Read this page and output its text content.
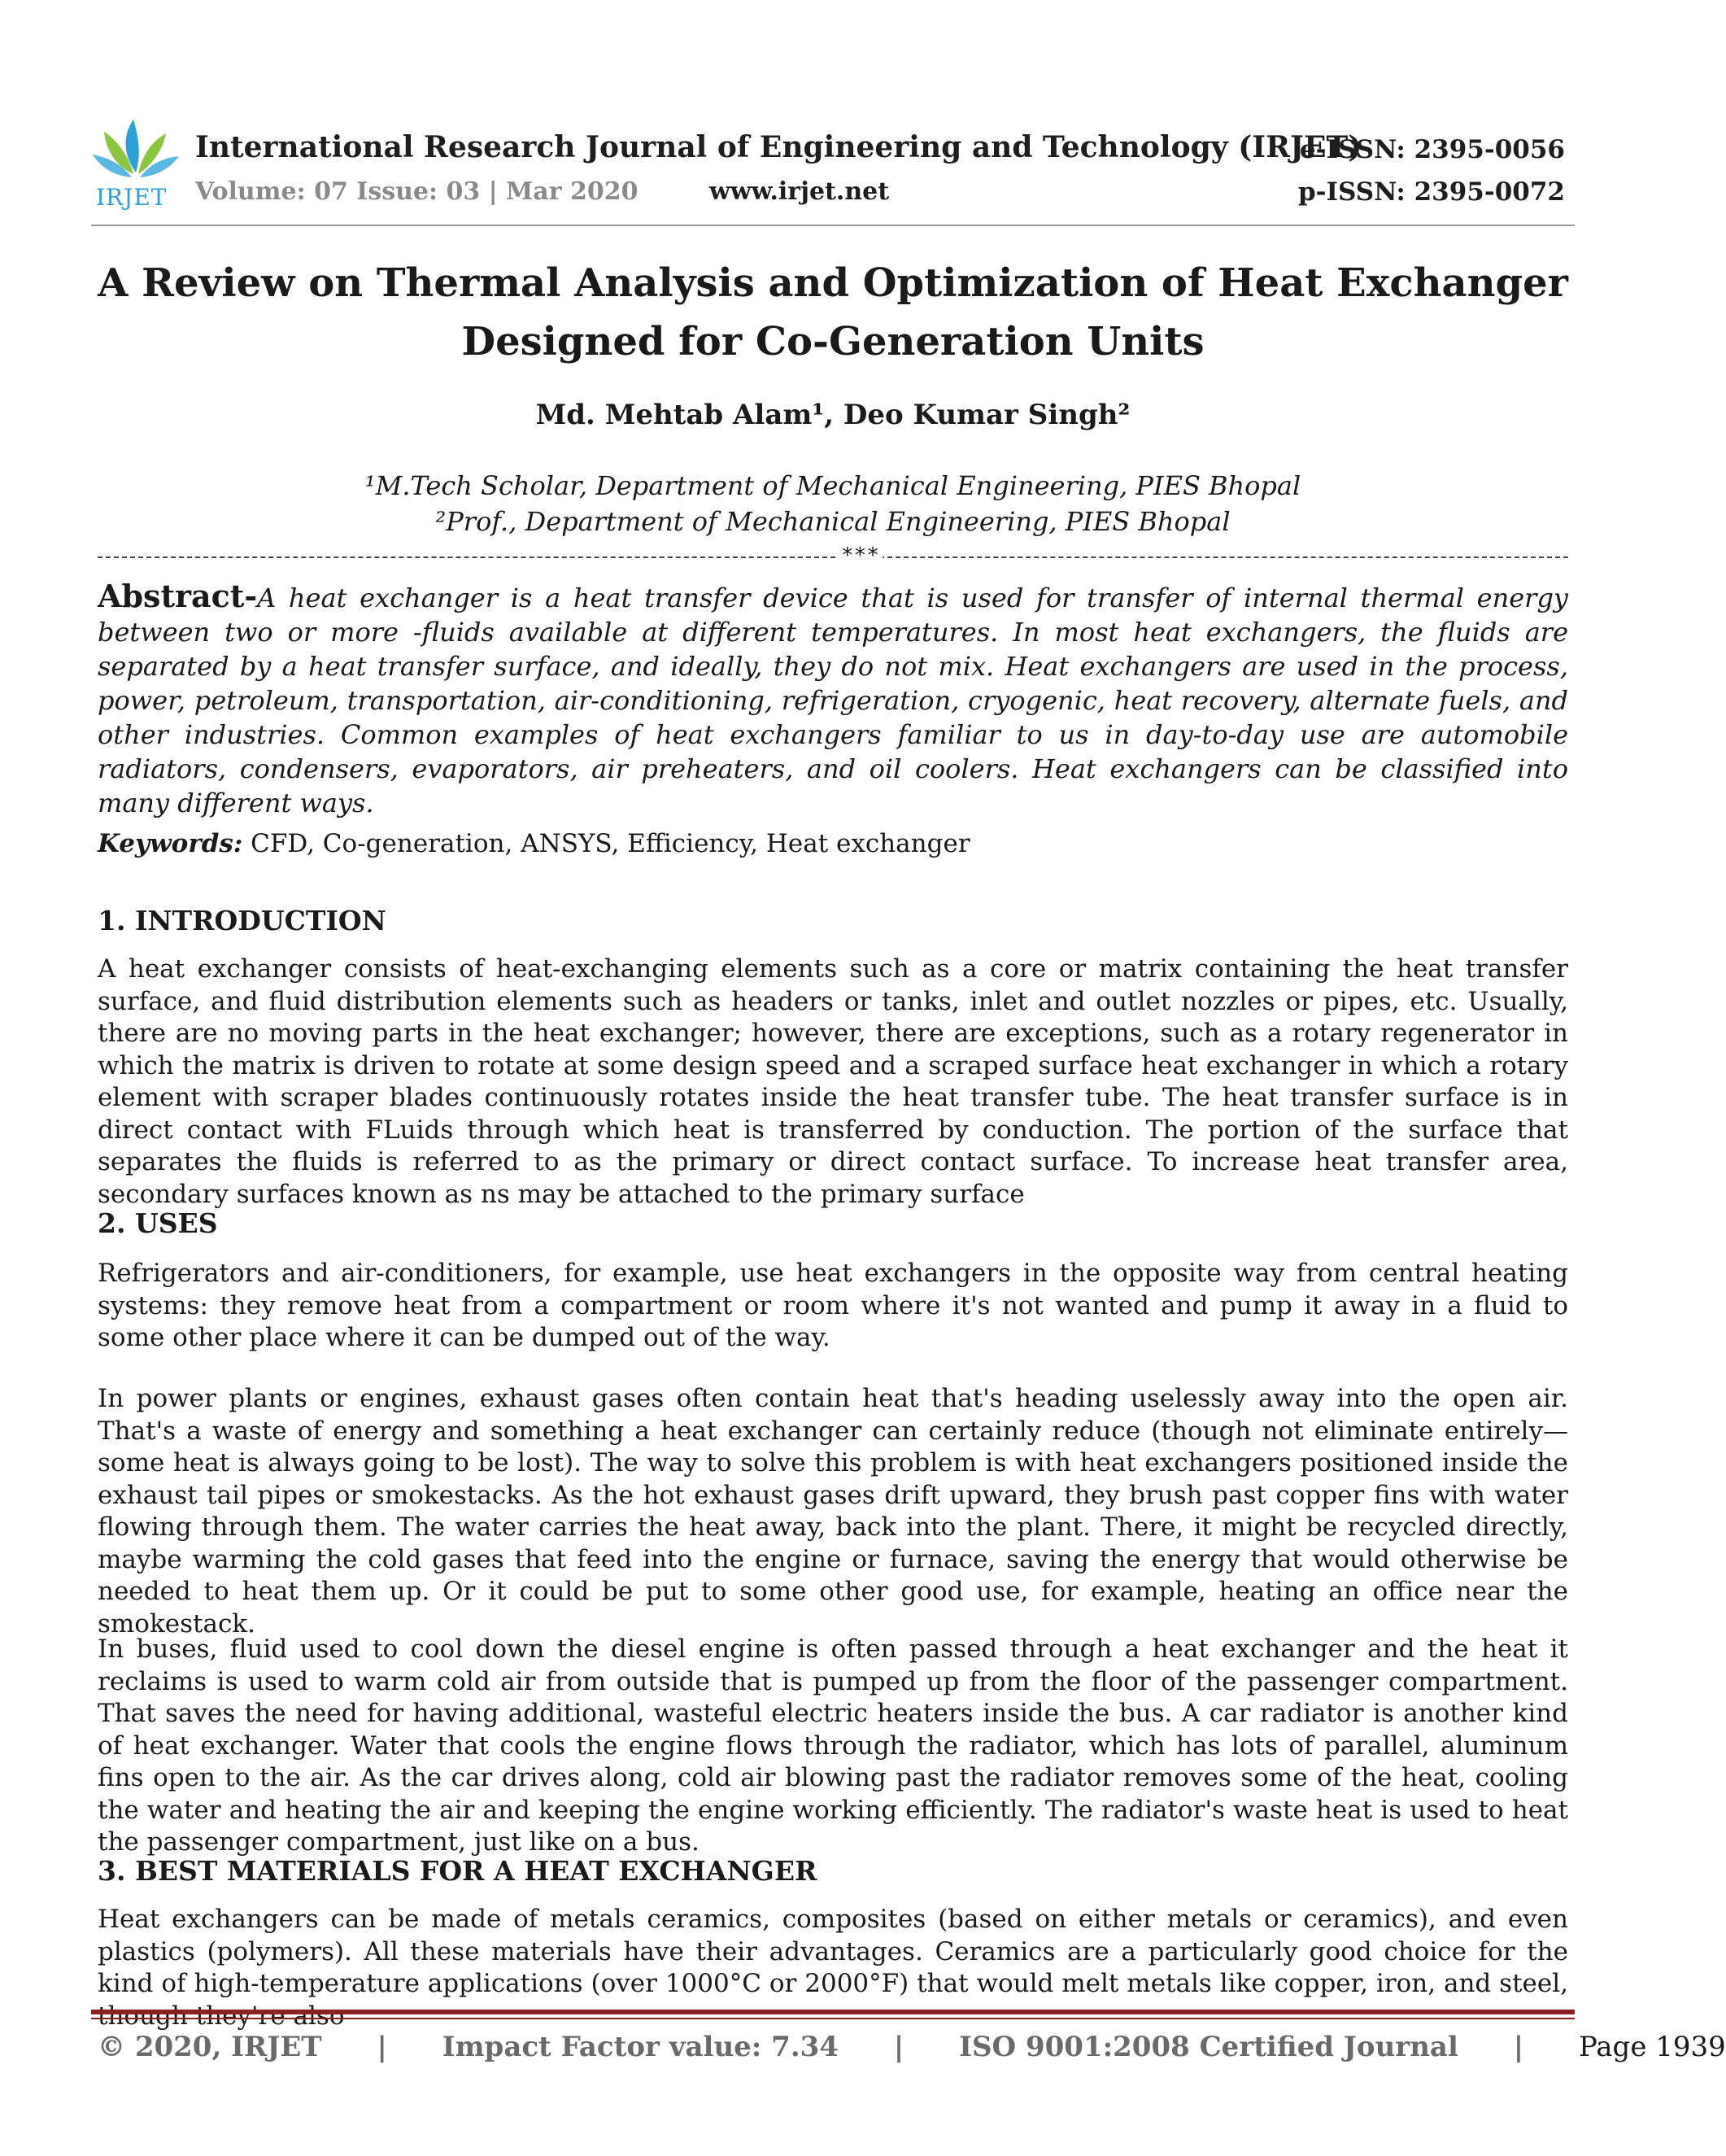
IRJET
International Research Journal of Engineering and Technology (IRJET)
Volume: 07 Issue: 03 | Mar 2020	www.irjet.net
e-ISSN: 2395-0056
p-ISSN: 2395-0072
A Review on Thermal Analysis and Optimization of Heat Exchanger
Designed for Co-Generation Units
Md. Mehtab Alam¹, Deo Kumar Singh²
¹M.Tech Scholar, Department of Mechanical Engineering, PIES Bhopal
²Prof., Department of Mechanical Engineering, PIES Bhopal
***
Abstract-A heat exchanger is a heat transfer device that is used for transfer of internal thermal energy between two or more -fluids available at different temperatures. In most heat exchangers, the fluids are separated by a heat transfer surface, and ideally, they do not mix. Heat exchangers are used in the process, power, petroleum, transportation, air-conditioning, refrigeration, cryogenic, heat recovery, alternate fuels, and other industries. Common examples of heat exchangers familiar to us in day-to-day use are automobile radiators, condensers, evaporators, air preheaters, and oil coolers. Heat exchangers can be classified into many different ways.
Keywords: CFD, Co-generation, ANSYS, Efficiency, Heat exchanger
1. INTRODUCTION
A heat exchanger consists of heat-exchanging elements such as a core or matrix containing the heat transfer surface, and fluid distribution elements such as headers or tanks, inlet and outlet nozzles or pipes, etc. Usually, there are no moving parts in the heat exchanger; however, there are exceptions, such as a rotary regenerator in which the matrix is driven to rotate at some design speed and a scraped surface heat exchanger in which a rotary element with scraper blades continuously rotates inside the heat transfer tube. The heat transfer surface is in direct contact with FLuids through which heat is transferred by conduction. The portion of the surface that separates the fluids is referred to as the primary or direct contact surface. To increase heat transfer area, secondary surfaces known as ns may be attached to the primary surface
2. USES
Refrigerators and air-conditioners, for example, use heat exchangers in the opposite way from central heating systems: they remove heat from a compartment or room where it's not wanted and pump it away in a fluid to some other place where it can be dumped out of the way.
In power plants or engines, exhaust gases often contain heat that's heading uselessly away into the open air. That's a waste of energy and something a heat exchanger can certainly reduce (though not eliminate entirely—some heat is always going to be lost). The way to solve this problem is with heat exchangers positioned inside the exhaust tail pipes or smokestacks. As the hot exhaust gases drift upward, they brush past copper fins with water flowing through them. The water carries the heat away, back into the plant. There, it might be recycled directly, maybe warming the cold gases that feed into the engine or furnace, saving the energy that would otherwise be needed to heat them up. Or it could be put to some other good use, for example, heating an office near the smokestack.
In buses, fluid used to cool down the diesel engine is often passed through a heat exchanger and the heat it reclaims is used to warm cold air from outside that is pumped up from the floor of the passenger compartment. That saves the need for having additional, wasteful electric heaters inside the bus. A car radiator is another kind of heat exchanger. Water that cools the engine flows through the radiator, which has lots of parallel, aluminum fins open to the air. As the car drives along, cold air blowing past the radiator removes some of the heat, cooling the water and heating the air and keeping the engine working efficiently. The radiator's waste heat is used to heat the passenger compartment, just like on a bus.
3. BEST MATERIALS FOR A HEAT EXCHANGER
Heat exchangers can be made of metals ceramics, composites (based on either metals or ceramics), and even plastics (polymers). All these materials have their advantages. Ceramics are a particularly good choice for the kind of high-temperature applications (over 1000°C or 2000°F) that would melt metals like copper, iron, and steel, though they're also
© 2020, IRJET | Impact Factor value: 7.34 | ISO 9001:2008 Certified Journal | Page 1939
